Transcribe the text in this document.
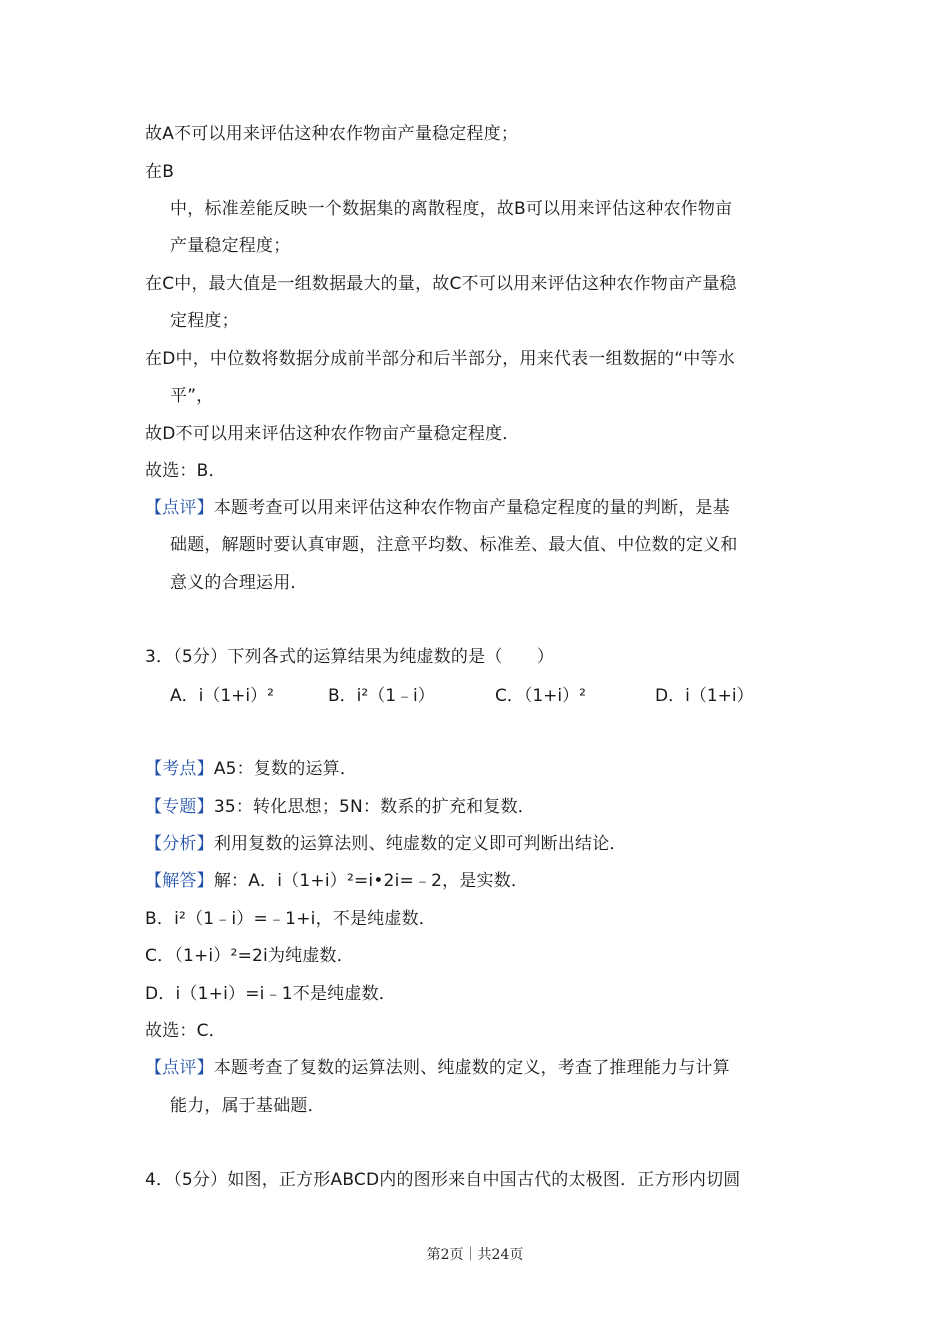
故A不可以用来评估这种农作物亩产量稳定程度；
在B
中，标准差能反映一个数据集的离散程度，故B可以用来评估这种农作物亩
产量稳定程度；
在C中，最大值是一组数据最大的量，故C不可以用来评估这种农作物亩产量稳
定程度；
在D中，中位数将数据分成前半部分和后半部分，用来代表一组数据的“中等水
平”，
故D不可以用来评估这种农作物亩产量稳定程度．
故选：B．
【点评】本题考查可以用来评估这种农作物亩产量稳定程度的量的判断，是基
础题，解题时要认真审题，注意平均数、标准差、最大值、中位数的定义和
意义的合理运用．
3．（5分）下列各式的运算结果为纯虚数的是（　　）
A．i（1+i）²	B．i²（1﹣i）	C．（1+i）²	D．i（1+i）
【考点】A5：复数的运算．
【专题】35：转化思想；5N：数系的扩充和复数．
【分析】利用复数的运算法则、纯虚数的定义即可判断出结论．
【解答】解：A．i（1+i）²=i•2i=﹣2，是实数．
B．i²（1﹣i）=﹣1+i，不是纯虚数．
C．（1+i）²=2i为纯虚数．
D．i（1+i）=i﹣1不是纯虚数．
故选：C．
【点评】本题考查了复数的运算法则、纯虚数的定义，考查了推理能力与计算
能力，属于基础题．
4．（5分）如图，正方形ABCD内的图形来自中国古代的太极图．正方形内切圆
第2页｜共24页
